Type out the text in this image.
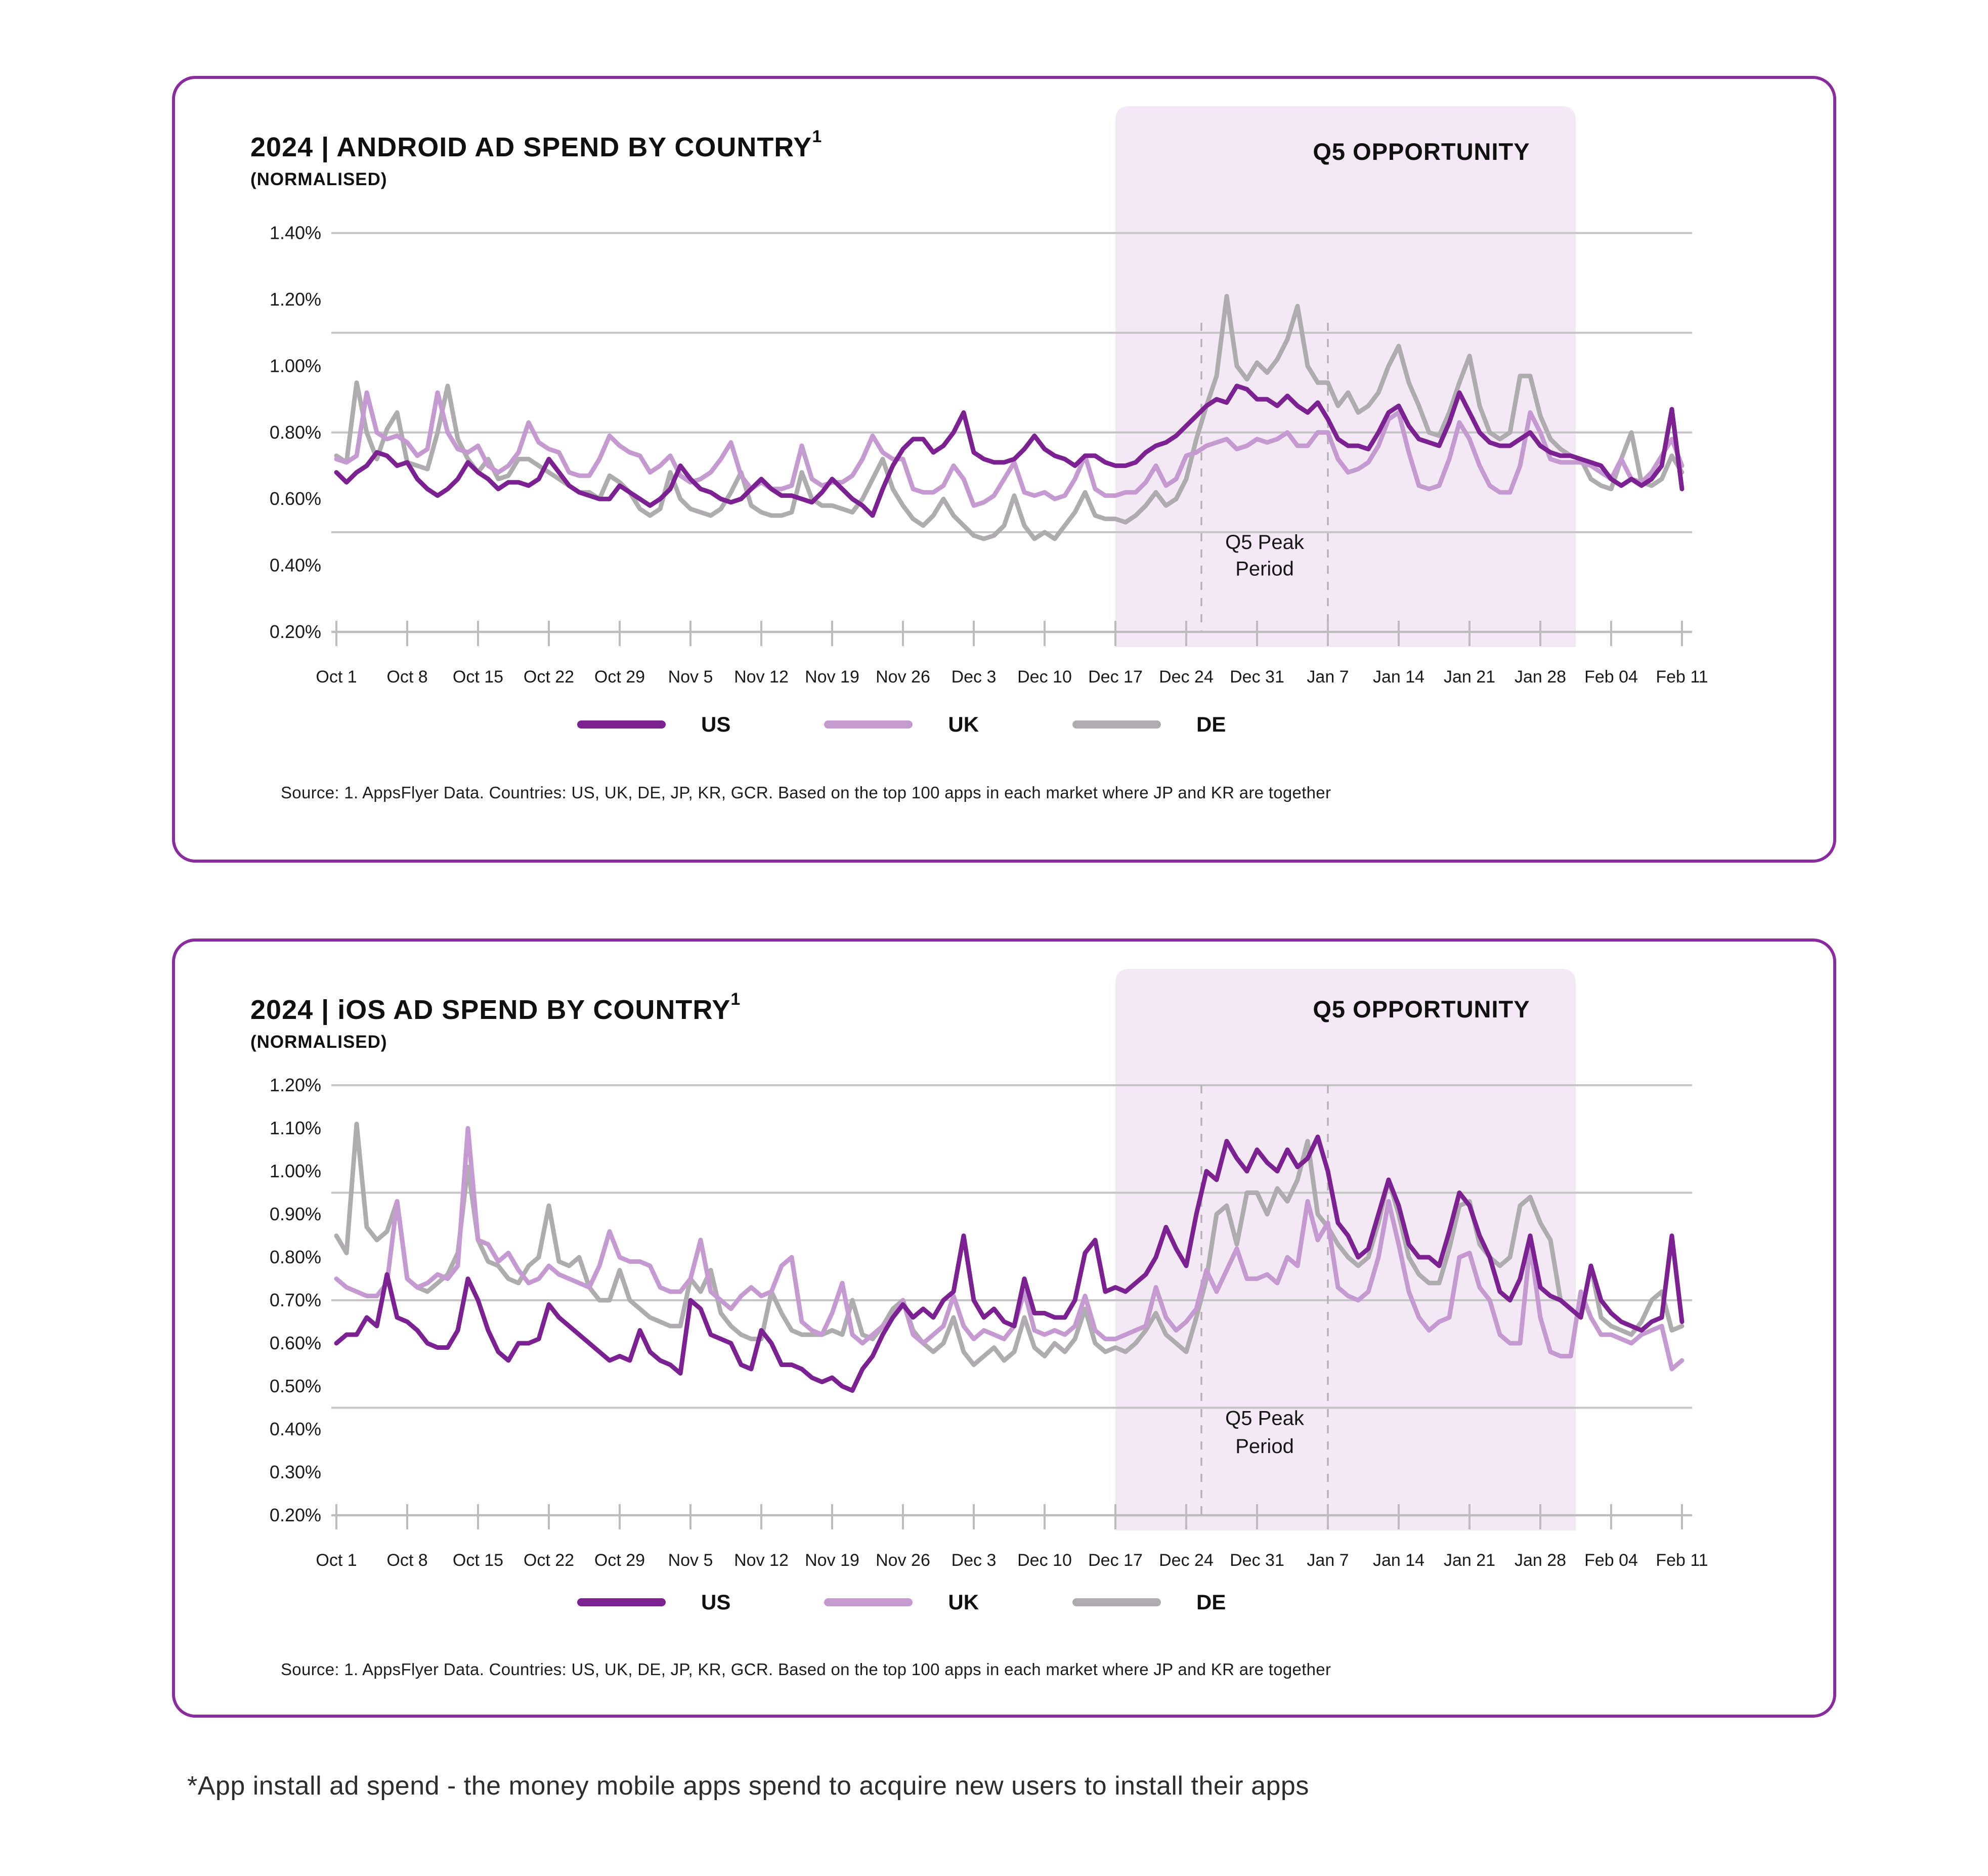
1.40%
1.20%
1.00%
0.80%
0.60%
0.40%
0.20%
Oct 1 Oct 8 Oct 15 Oct 22 Oct 29 Nov 5 Nov 12 Nov 19 Nov 26 Dec 3 Dec 10 Dec 17 Dec 24 Dec 31 Jan 7 Jan 14 Jan 21 Jan 28 Feb 04 Feb 11
Q5 OPPORTUNITY
Q5 Peak
Period
2024 | ANDROID AD SPEND BY COUNTRY$^1$
(NORMALISED)
US	UK	DE
Source: 1. AppsFlyer Data. Countries: US, UK, DE, JP, KR, GCR. Based on the top 100 apps in each market where JP and KR are together
1.20%
1.10%
1.00%
0.90%
0.80%
0.70%
0.60%
0.50%
0.40%
0.30%
0.20%
Oct 1 Oct 8 Oct 15 Oct 22 Oct 29 Nov 5 Nov 12 Nov 19 Nov 26 Dec 3 Dec 10 Dec 17 Dec 24 Dec 31 Jan 7 Jan 14 Jan 21 Jan 28 Feb 04 Feb 11
Q5 OPPORTUNITY
Q5 Peak
Period
2024 | iOS AD SPEND BY COUNTRY$^1$
(NORMALISED)
US	UK	DE
Source: 1. AppsFlyer Data. Countries: US, UK, DE, JP, KR, GCR. Based on the top 100 apps in each market where JP and KR are together
*App install ad spend - the money mobile apps spend to acquire new users to install their apps
